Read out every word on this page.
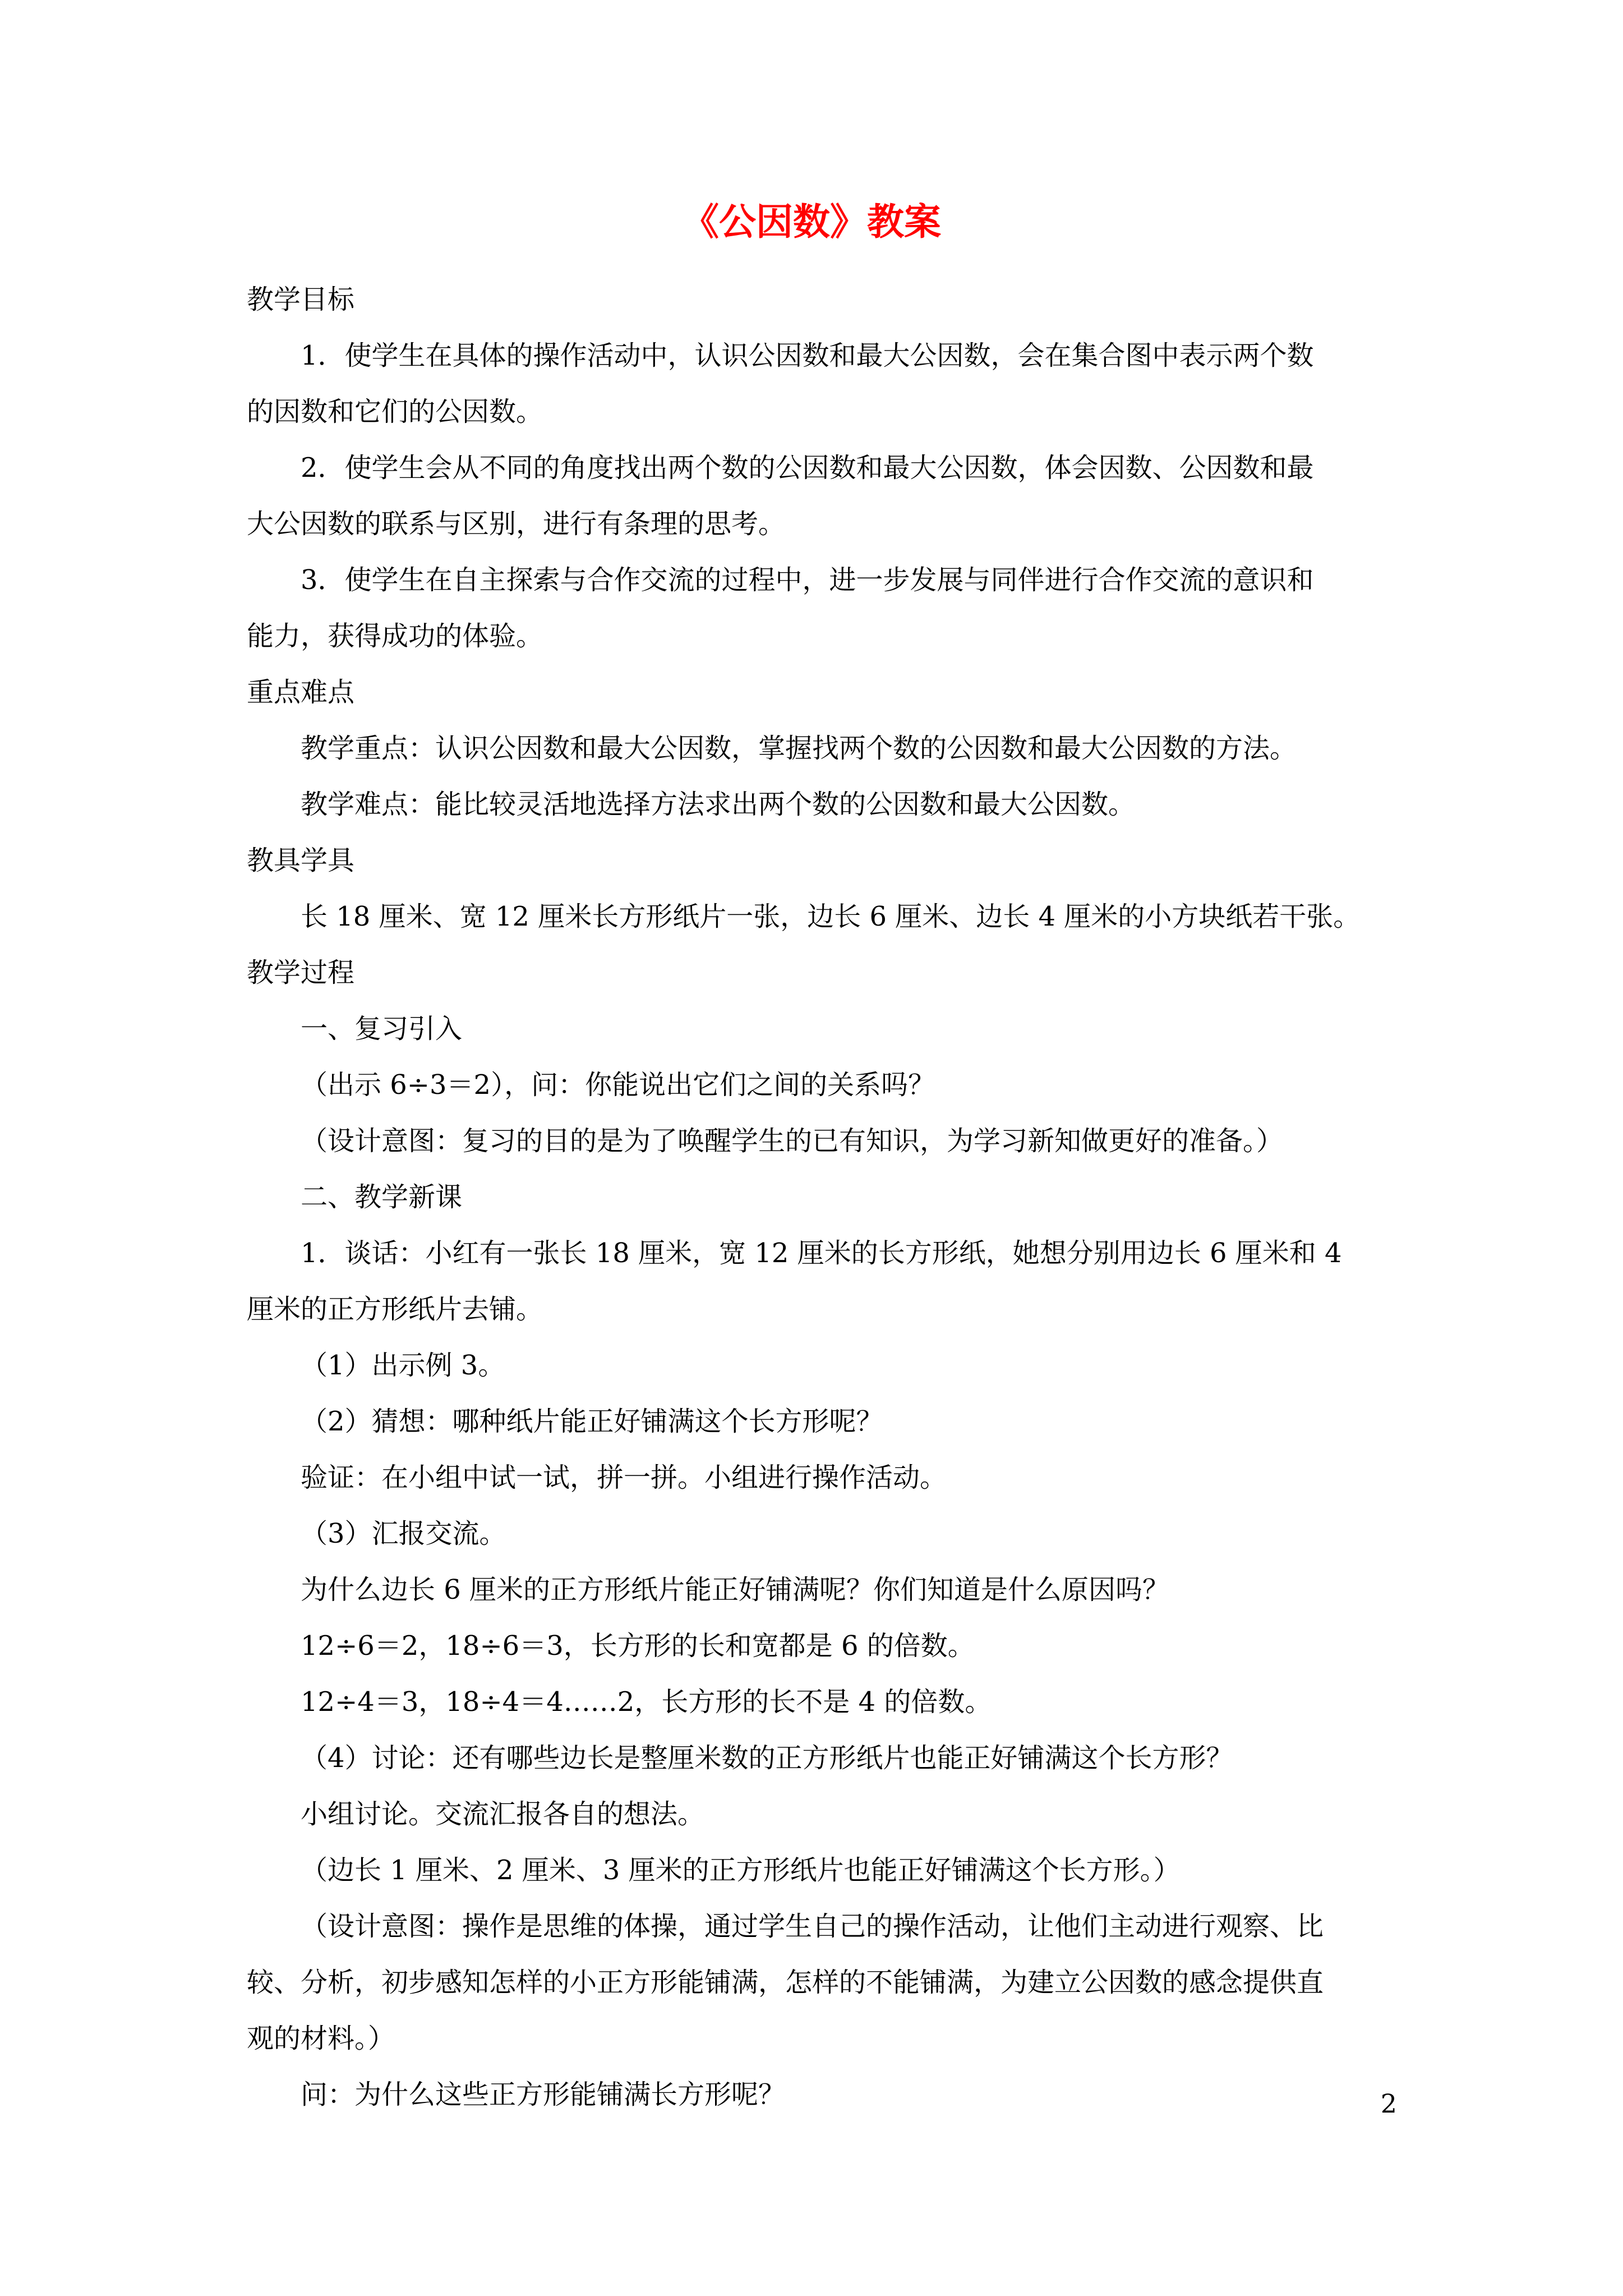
《公因数》教案
教学目标
1．使学生在具体的操作活动中，认识公因数和最大公因数，会在集合图中表示两个数
的因数和它们的公因数。
2．使学生会从不同的角度找出两个数的公因数和最大公因数，体会因数、公因数和最
大公因数的联系与区别，进行有条理的思考。
3．使学生在自主探索与合作交流的过程中，进一步发展与同伴进行合作交流的意识和
能力，获得成功的体验。
重点难点
教学重点：认识公因数和最大公因数，掌握找两个数的公因数和最大公因数的方法。
教学难点：能比较灵活地选择方法求出两个数的公因数和最大公因数。
教具学具
长 18 厘米、宽 12 厘米长方形纸片一张，边长 6 厘米、边长 4 厘米的小方块纸若干张。
教学过程
一、复习引入
（出示 6÷3＝2），问：你能说出它们之间的关系吗？
（设计意图：复习的目的是为了唤醒学生的已有知识，为学习新知做更好的准备。）
二、教学新课
1．谈话：小红有一张长 18 厘米，宽 12 厘米的长方形纸，她想分别用边长 6 厘米和 4
厘米的正方形纸片去铺。
（1）出示例 3。
（2）猜想：哪种纸片能正好铺满这个长方形呢？
验证：在小组中试一试，拼一拼。小组进行操作活动。
（3）汇报交流。
为什么边长 6 厘米的正方形纸片能正好铺满呢？你们知道是什么原因吗？
12÷6＝2，18÷6＝3，长方形的长和宽都是 6 的倍数。
12÷4＝3，18÷4＝4……2，长方形的长不是 4 的倍数。
（4）讨论：还有哪些边长是整厘米数的正方形纸片也能正好铺满这个长方形？
小组讨论。交流汇报各自的想法。
（边长 1 厘米、2 厘米、3 厘米的正方形纸片也能正好铺满这个长方形。）
（设计意图：操作是思维的体操，通过学生自己的操作活动，让他们主动进行观察、比
较、分析，初步感知怎样的小正方形能铺满，怎样的不能铺满，为建立公因数的感念提供直
观的材料。）
问：为什么这些正方形能铺满长方形呢？	2
